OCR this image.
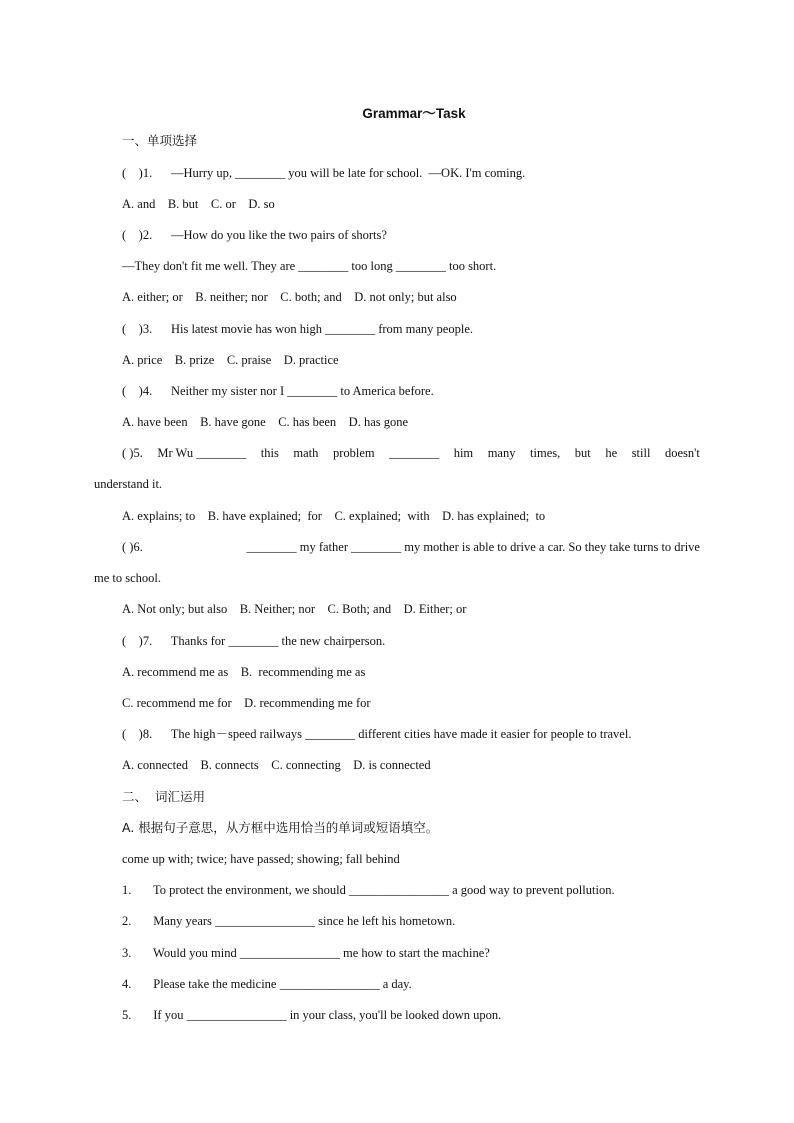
Grammar～Task
一、单项选择
(    )1.      —Hurry up, ________ you will be late for school.  —OK. I'm coming.
A. and    B. but    C. or    D. so
(    )2.      —How do you like the two pairs of shorts?
—They don't fit me well. They are ________ too long ________ too short.
A. either; or    B. neither; nor    C. both; and    D. not only; but also
(    )3.      His latest movie has won high ________ from many people.
A. price    B. prize    C. praise    D. practice
(    )4.      Neither my sister nor I ________ to America before.
A. have been    B. have gone    C. has been    D. has gone
( )5. Mr Wu ________ this math problem ________ him many times, but he still doesn't
understand it.
A. explains; to    B. have explained;  for    C. explained;  with    D. has explained;  to
( )6.	________ my father ________ my mother is able to drive a car. So they take turns to drive
me to school.
A. Not only; but also    B. Neither; nor    C. Both; and    D. Either; or
(    )7.      Thanks for ________ the new chairperson.
A. recommend me as    B.  recommending me as
C. recommend me for    D. recommending me for
(    )8.      The high－speed railways ________ different cities have made it easier for people to travel.
A. connected    B. connects    C. connecting    D. is connected
二、  词汇运用
A. 根据句子意思，从方框中选用恰当的单词或短语填空。
come up with; twice; have passed; showing; fall behind
1.       To protect the environment, we should ________________ a good way to prevent pollution.
2.       Many years ________________ since he left his hometown.
3.       Would you mind ________________ me how to start the machine?
4.       Please take the medicine ________________ a day.
5.       If you ________________ in your class, you'll be looked down upon.
